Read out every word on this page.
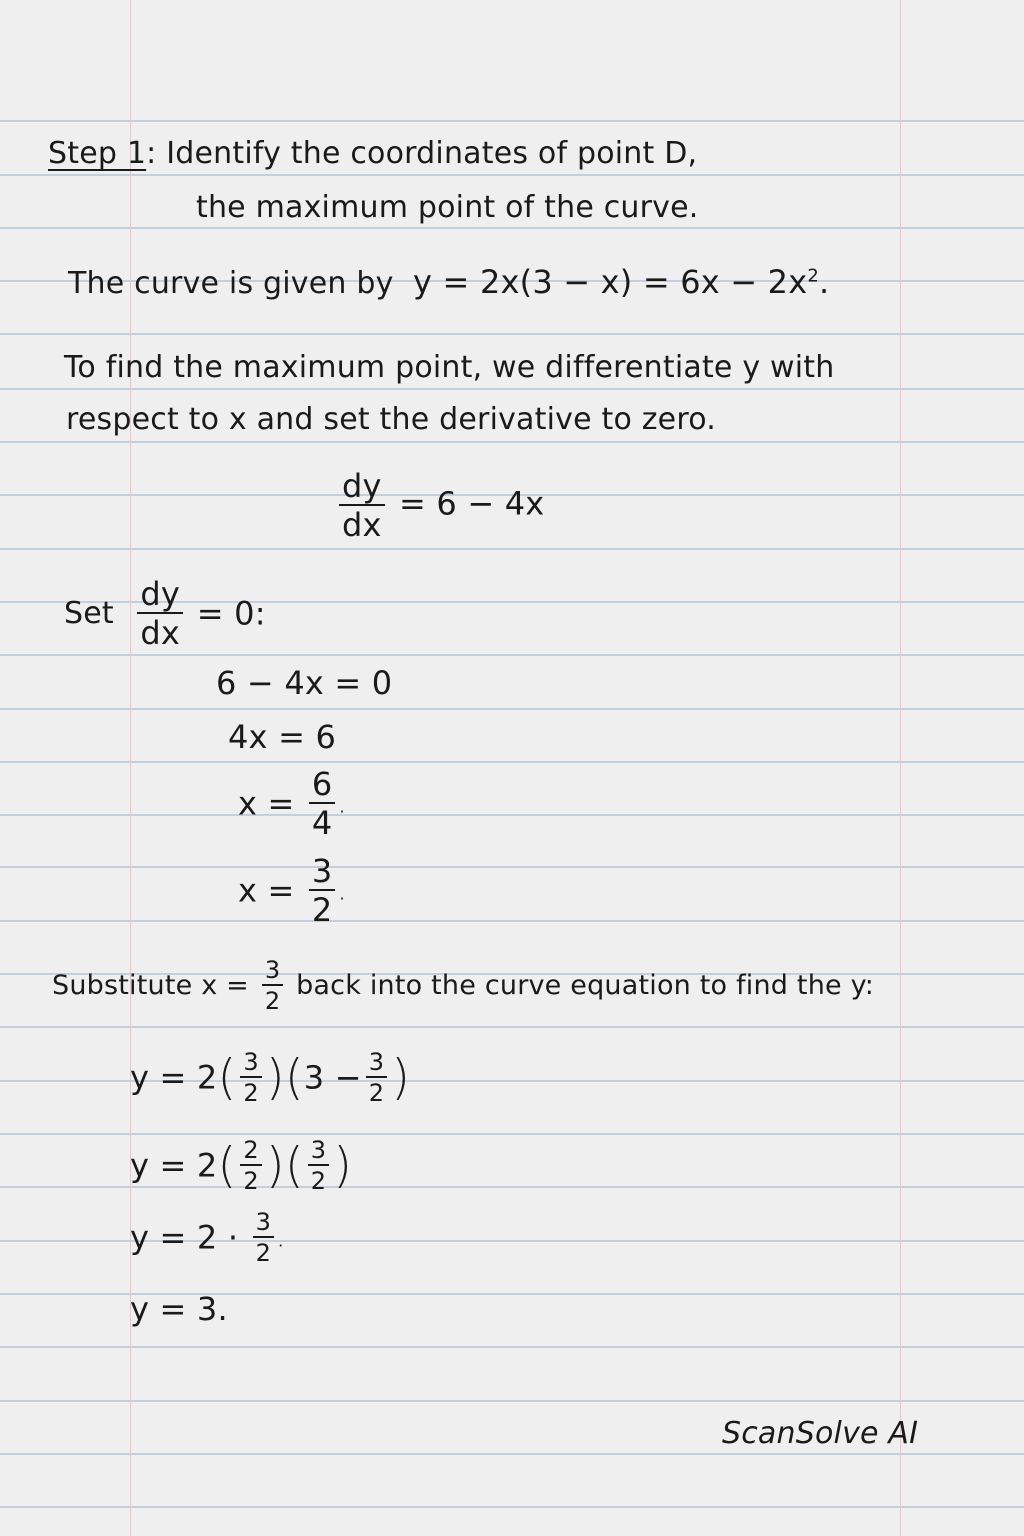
Step 1: Identify the coordinates of point D,
the maximum point of the curve.
The curve is given by $y = 2x(3 - x) = 6x - 2x^2$.
To find the maximum point, we differentiate y with
respect to x and set the derivative to zero.
$\frac{dy}{dx} = 6 - 4x$
Set $\frac{dy}{dx} = 0$:
6 − 4x = 0
4x = 6
$x = \frac{6}{4}$ .
$x = \frac{3}{2}$ .
Substitute $x = \frac{3}{2}$ back into the curve equation to find the y:
$y = 2( \frac{3}{2} )(3 - \frac{3}{2}$ )
$y = 2( \frac{2}{2}$ )( $\frac{3}{2}$ )
$y = 2 \cdot \frac{3}{2}$ .
y = 3.
ScanSolve AI
